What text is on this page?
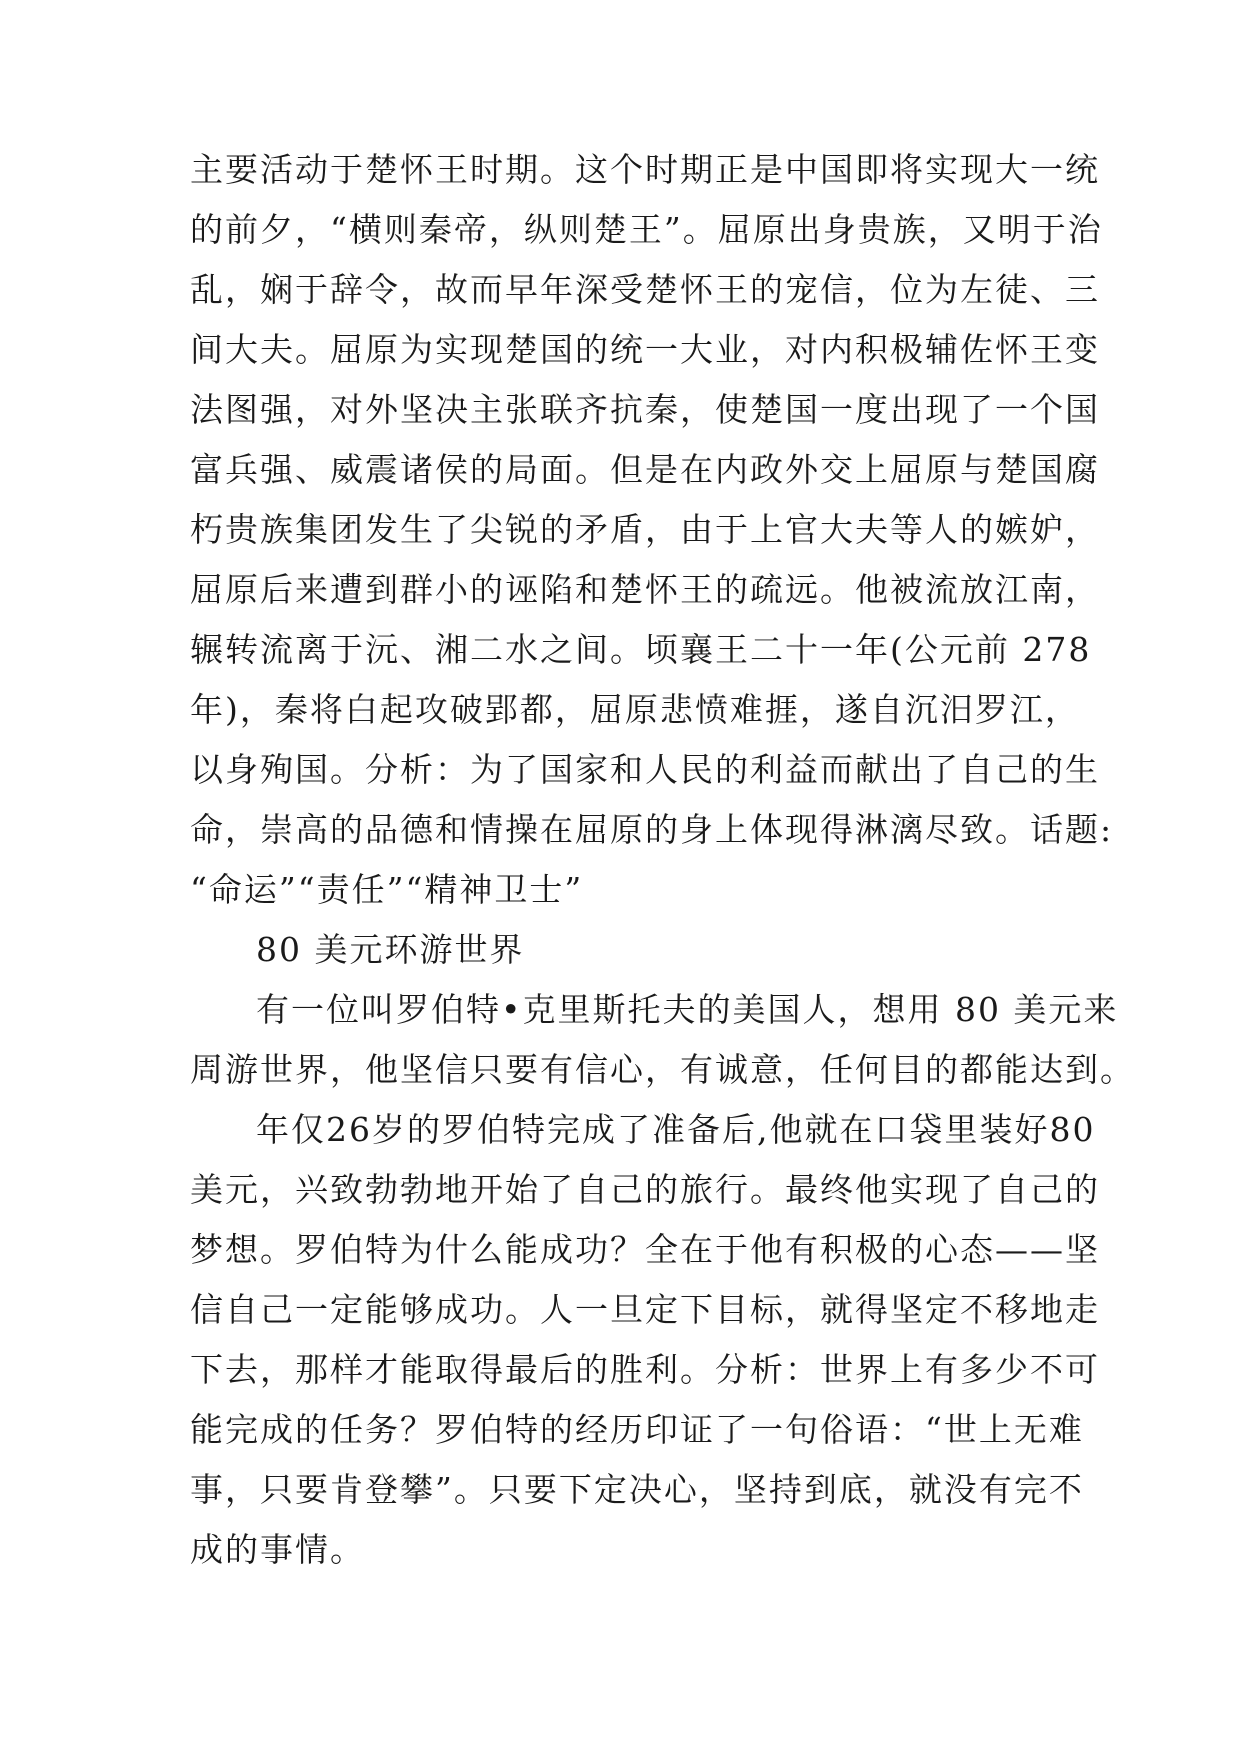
主要活动于楚怀王时期。这个时期正是中国即将实现大一统
的前夕，“横则秦帝，纵则楚王”。屈原出身贵族，又明于治
乱，娴于辞令，故而早年深受楚怀王的宠信，位为左徒、三
间大夫。屈原为实现楚国的统一大业，对内积极辅佐怀王变
法图强，对外坚决主张联齐抗秦，使楚国一度出现了一个国
富兵强、威震诸侯的局面。但是在内政外交上屈原与楚国腐
朽贵族集团发生了尖锐的矛盾，由于上官大夫等人的嫉妒，
屈原后来遭到群小的诬陷和楚怀王的疏远。他被流放江南，
辗转流离于沅、湘二水之间。顷襄王二十一年(公元前 278
年)，秦将白起攻破郢都，屈原悲愤难捱，遂自沉汨罗江，
以身殉国。分析：为了国家和人民的利益而献出了自己的生
命，崇高的品德和情操在屈原的身上体现得淋漓尽致。话题:
“命运”“责任”“精神卫士”
80 美元环游世界
有一位叫罗伯特•克里斯托夫的美国人，想用 80 美元来
周游世界，他坚信只要有信心，有诚意，任何目的都能达到。
年仅26岁的罗伯特完成了准备后,他就在口袋里装好80
美元，兴致勃勃地开始了自己的旅行。最终他实现了自己的
梦想。罗伯特为什么能成功？全在于他有积极的心态——坚
信自己一定能够成功。人一旦定下目标，就得坚定不移地走
下去，那样才能取得最后的胜利。分析：世界上有多少不可
能完成的任务？罗伯特的经历印证了一句俗语：“世上无难
事，只要肯登攀”。只要下定决心，坚持到底，就没有完不
成的事情。
